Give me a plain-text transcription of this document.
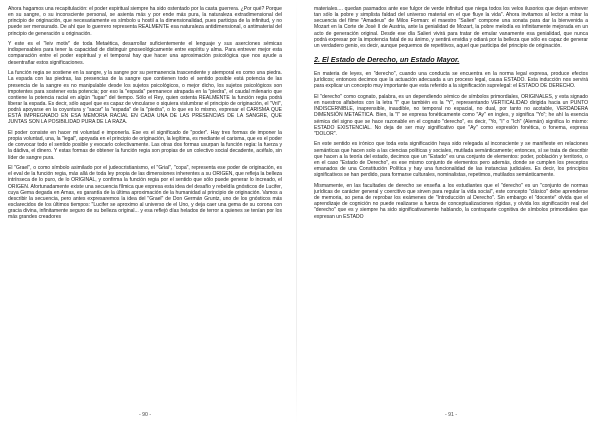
Ahora hagamos una recapitulación: el poder espiritual siempre ha sido ostentado por la casta guerrera. ¿Por qué? Porque en su sangre, o su inconsciente personal, se asienta más y por ende más pura, la naturaleza extradimensional del principio de originación, que necesariamente es símbolo u hostil a la dimensionalidad, pues participa de la infinitud, y no puede ser mensurado. De ahí que lo guerrero representa REALMENTE esa naturaleza antidimensional, o antimaterial del principio de generación u originación.

Y este es el "leiv motiv" de toda Metaética, desarrollar suficientemente el lenguaje y sus asercíones sémicas indispensables para tener la capacidad de distinguir gnoseológicamente entre espíritu y alma. Para entrever mejor esta comparación entre el poder espiritual y el temporal hay que hacer una aproximación psicológica que nos ayude a desentrañar estos significaciones.

La función regia se sostiene en la sangre, y la sangre por su permanencia trascendente y atemporal es como una piedra. La espada con las piedras, las presencias de la sangre que contienen todo el sentido posible está potencia de las presencia de la sangre es no manipulable desde los sujetos psicológicos, o mejor dicho, los sujetos psicológicos son impotentes para sostener esta potencia; por eso la "espada" permanece atrapada en la "piedra", el caudal milenario que contiene la potencia racial en algún "lugar" del tiempo. Sólo el Rey, quien ostenta REALMENTE la función regia podrá liberar la espada. Es decir, sólo aquel que es capaz de vincularse o siquiera vislumbrar el principio de originación, el "Vril", podrá apoyarse en la coyuntura y "sacar" la "espada" de la "piedra", o lo que es lo mismo, expresar el CARISMA QUE ESTÁ IMPREGNADO EN ESA MEMORIA RACIAL EN CADA UNA DE LAS PRESENCIAS DE LA SANGRE, QUE JUNTAS SON LA POSIBILIDAD PURA DE LA RAZA.

El poder consiste en hacer mi voluntad e imponerla. Ese es el significado de "poder". Hay tres formas de imponer la propia voluntad, una, la "legal", apoyada en el principio de originación, la legítima, es mediante el carisma, que es el poder de convocar todo el sentido posible y evocarlo colectivamente. Las otras dos formas usurpan la función regia: la fuerza y la dádiva, el dinero. Y estas formas de obtener la función regia son propias de un colectivo social decadente, acéfalo, sin líder de sangre pura.

El "Grael", o como símbolo asimilado por el judeocristianismo, el "Grial", "copa", representa ese poder de originación, es el eval de la función regia, más allá de toda ley propia de las dimensiones inherentes a su ORIGEN, que refleja la belleza intrínseca de lo puro, de lo ORIGINAL, y confirma la función regia por el sentido que sólo puede generar lo increado, el ORIGEN. Afortunadamente existe una secuencia fílmica que expresa esta idea del desafío y rebeldía gnósticos de Lucifer, cuya Gema degada en Arnas, es garantía de la última aproximación de la humanidad al principio de originación. Vamos a describir la secuencia, pero antes expresaremos la idea del "Grael" de Don Germán Gruntz, uno de los gnósticos más esclarecidos de los últimos tiempos: "Lucifer se aproximo al universo de el Uno, y deja caer una gema de su corona con gracia divina, infinitamente seguro de su belleza original... y esa reflejó días helados de terror a quienes se tenían por los más grandes creadores

- 90 -

materiales.... quedan pasmados ante ese fulgor de verde infinitud que niega todos los velos ilusorios que dejan entrever tan sólo la pobre y simplista faldad del universo material en el que fluye la vida". Ahora invitamos al lector a mirar la secuencia del filme "Amadeus" de Milos Forman: el maestro "Salieri" compone una sonata para dar la bienvenida a Mozart en la Corte de José II de Austria, ante la genialidad de Mozart, la pobre melodía es infinitamente mejorada en un acto de generación original. Desde ese día Salieri vivirá para tratar de emular vanamente esa genialidad, que nunca podrá expresar por la impotencia fatal de su ánimo, y sentirá envidia y odiará por la belleza que sólo es capaz de generar un verdadero genio, es decir, aunque pequemos de repetitivos, aquel que participa del principio de originación.

2. El Estado de Derecho, un Estado Mayor.

En materia de leyes, en "derecho", cuando una conducta se encuentra en la norma legal expresa, produce efectos jurídicos; entonces decimos que la actuación adecuada a un proceso legal, causa ESTADO. Esta inducción nos servirá para explicar un concepto muy importante que esta referido a la significación suprelegal: el ESTADO DE DERECHO.

El "derecho" como cognato, palabra, es un dependiendo sémico de símbolos primordiales, ORIGINALES, y esta signado en nuestros alfabetos con la letra "l" que también es la "Y", representando VERTICALIDAD dirigida hacia un PUNTO INDISCERNIBLE, inaprensible, inaudible, no temporal no espacial, no dual, por tanto no acotable, VERDADERA DIMENSIÓN METAÉTICA. Bien, la "l" se expresa fonéticamente como "Ay" en ingles, y significa "Yo"; he ahí la esencia sémica del signo que se hace razonable en el cognato "derecho", es decir, "Yo, "I" o "Ich" (Alemán) significa lo mismo: ESTADO EXISTENCIAL. No deja de ser muy significativo que "Ay" como expresión fonética, o fonema, expresa "DOLOR".

En este sentido es irónico que toda esta significación haya sido relegada al inconsciente y se manifieste en relaciones semánticas que hacen solo a las ciencias políticas y sociales, mutilada semánticamente; entonces, sí se trata de describir que hacen a la teoría del estado, decimos que un "Estado" es una conjunto de elementos: poder, población y territorio, o en el caso "Estado de Derecho", es ese mismo conjunto de elementos pero además, donde se cumplen los preceptos emanados de una Constitución Política y hay una funcionalidad de las instancias judiciales. Es decir, los principios significativos se han perdido, para formarse culturales, nominalistas, repetimos, mutilados semánticamente.

Mismamente, en las facultades de derecho se enseña a los estudiantes que el "derecho" es un "conjunto de normas jurídicas de carácter general y coercitivo que sirven para regular la vida social", este concepto "clásico" debe aprenderse de memoria, so pena de reprobar los exámenes de "Introducción al Derecho". Sin embargo el "docente" olvida que el aprendizaje de cognición no puede realizarse a fuerza de conceptualizaciones rígidas, y olvida los significación real del "derecho" que es y siempre ha sido significativamente hablando, la contraparte cognitiva de símbolos primordiales que expresan un ESTADO

- 91 -
